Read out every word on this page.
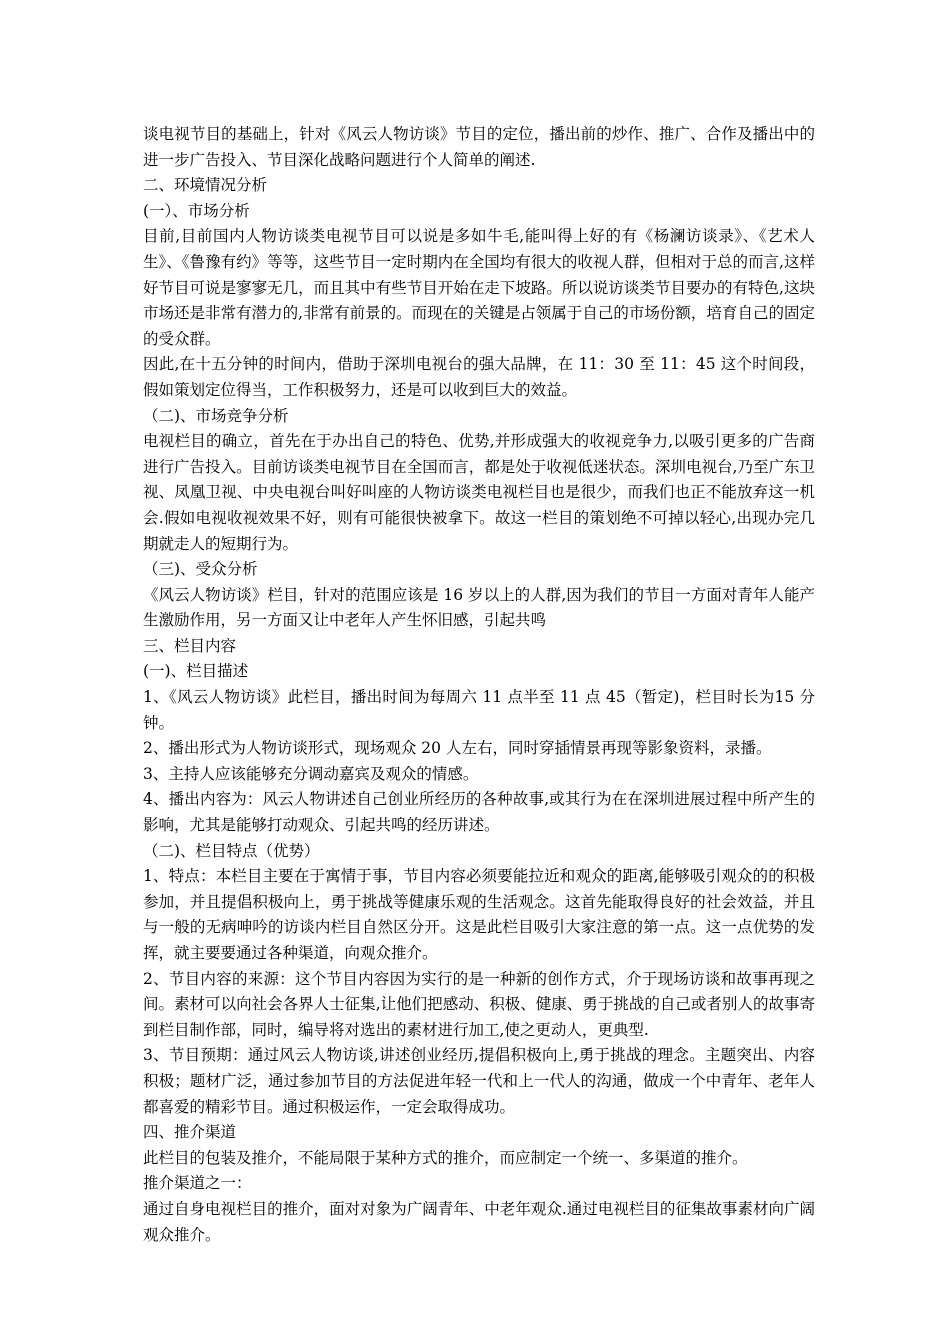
谈电视节目的基础上，针对《风云人物访谈》节目的定位，播出前的炒作、推广、合作及播出中的进一步广告投入、节目深化战略问题进行个人简单的阐述.

二、环境情况分析

(一）、市场分析

目前,目前国内人物访谈类电视节目可以说是多如牛毛,能叫得上好的有《杨澜访谈录》、《艺术人生》、《鲁豫有约》等等，这些节目一定时期内在全国均有很大的收视人群，但相对于总的而言,这样好节目可说是寥寥无几，而且其中有些节目开始在走下坡路。所以说访谈类节目要办的有特色,这块市场还是非常有潜力的,非常有前景的。而现在的关键是占领属于自己的市场份额，培育自己的固定的受众群。

因此,在十五分钟的时间内，借助于深圳电视台的强大品牌，在 11：30 至 11：45 这个时间段，假如策划定位得当，工作积极努力，还是可以收到巨大的效益。

（二)、市场竞争分析

电视栏目的确立，首先在于办出自己的特色、优势,并形成强大的收视竞争力,以吸引更多的广告商进行广告投入。目前访谈类电视节目在全国而言，都是处于收视低迷状态。深圳电视台,乃至广东卫视、凤凰卫视、中央电视台叫好叫座的人物访谈类电视栏目也是很少，而我们也正不能放弃这一机会.假如电视收视效果不好，则有可能很快被拿下。故这一栏目的策划绝不可掉以轻心,出现办完几期就走人的短期行为。

（三)、受众分析

《风云人物访谈》栏目，针对的范围应该是 16 岁以上的人群,因为我们的节目一方面对青年人能产生激励作用，另一方面又让中老年人产生怀旧感，引起共鸣

三、栏目内容

(一)、栏目描述

1、《风云人物访谈》此栏目，播出时间为每周六 11 点半至 11 点 45（暂定)，栏目时长为15 分钟。

2、播出形式为人物访谈形式，现场观众 20 人左右，同时穿插情景再现等影象资料，录播。

3、主持人应该能够充分调动嘉宾及观众的情感。

4、播出内容为：风云人物讲述自己创业所经历的各种故事,或其行为在在深圳进展过程中所产生的影响，尤其是能够打动观众、引起共鸣的经历讲述。

（二)、栏目特点（优势）

1、特点：本栏目主要在于寓情于事，节目内容必须要能拉近和观众的距离,能够吸引观众的的积极参加，并且提倡积极向上，勇于挑战等健康乐观的生活观念。这首先能取得良好的社会效益，并且与一般的无病呻吟的访谈内栏目自然区分开。这是此栏目吸引大家注意的第一点。这一点优势的发挥，就主要要通过各种渠道，向观众推介。

2、节目内容的来源：这个节目内容因为实行的是一种新的创作方式，介于现场访谈和故事再现之间。素材可以向社会各界人士征集,让他们把感动、积极、健康、勇于挑战的自己或者别人的故事寄到栏目制作部，同时，编导将对选出的素材进行加工,使之更动人，更典型.

3、节目预期：通过风云人物访谈,讲述创业经历,提倡积极向上,勇于挑战的理念。主题突出、内容积极；题材广泛，通过参加节目的方法促进年轻一代和上一代人的沟通，做成一个中青年、老年人都喜爱的精彩节目。通过积极运作，一定会取得成功。

四、推介渠道

此栏目的包装及推介，不能局限于某种方式的推介，而应制定一个统一、多渠道的推介。

推介渠道之一：

通过自身电视栏目的推介，面对对象为广阔青年、中老年观众.通过电视栏目的征集故事素材向广阔观众推介。
